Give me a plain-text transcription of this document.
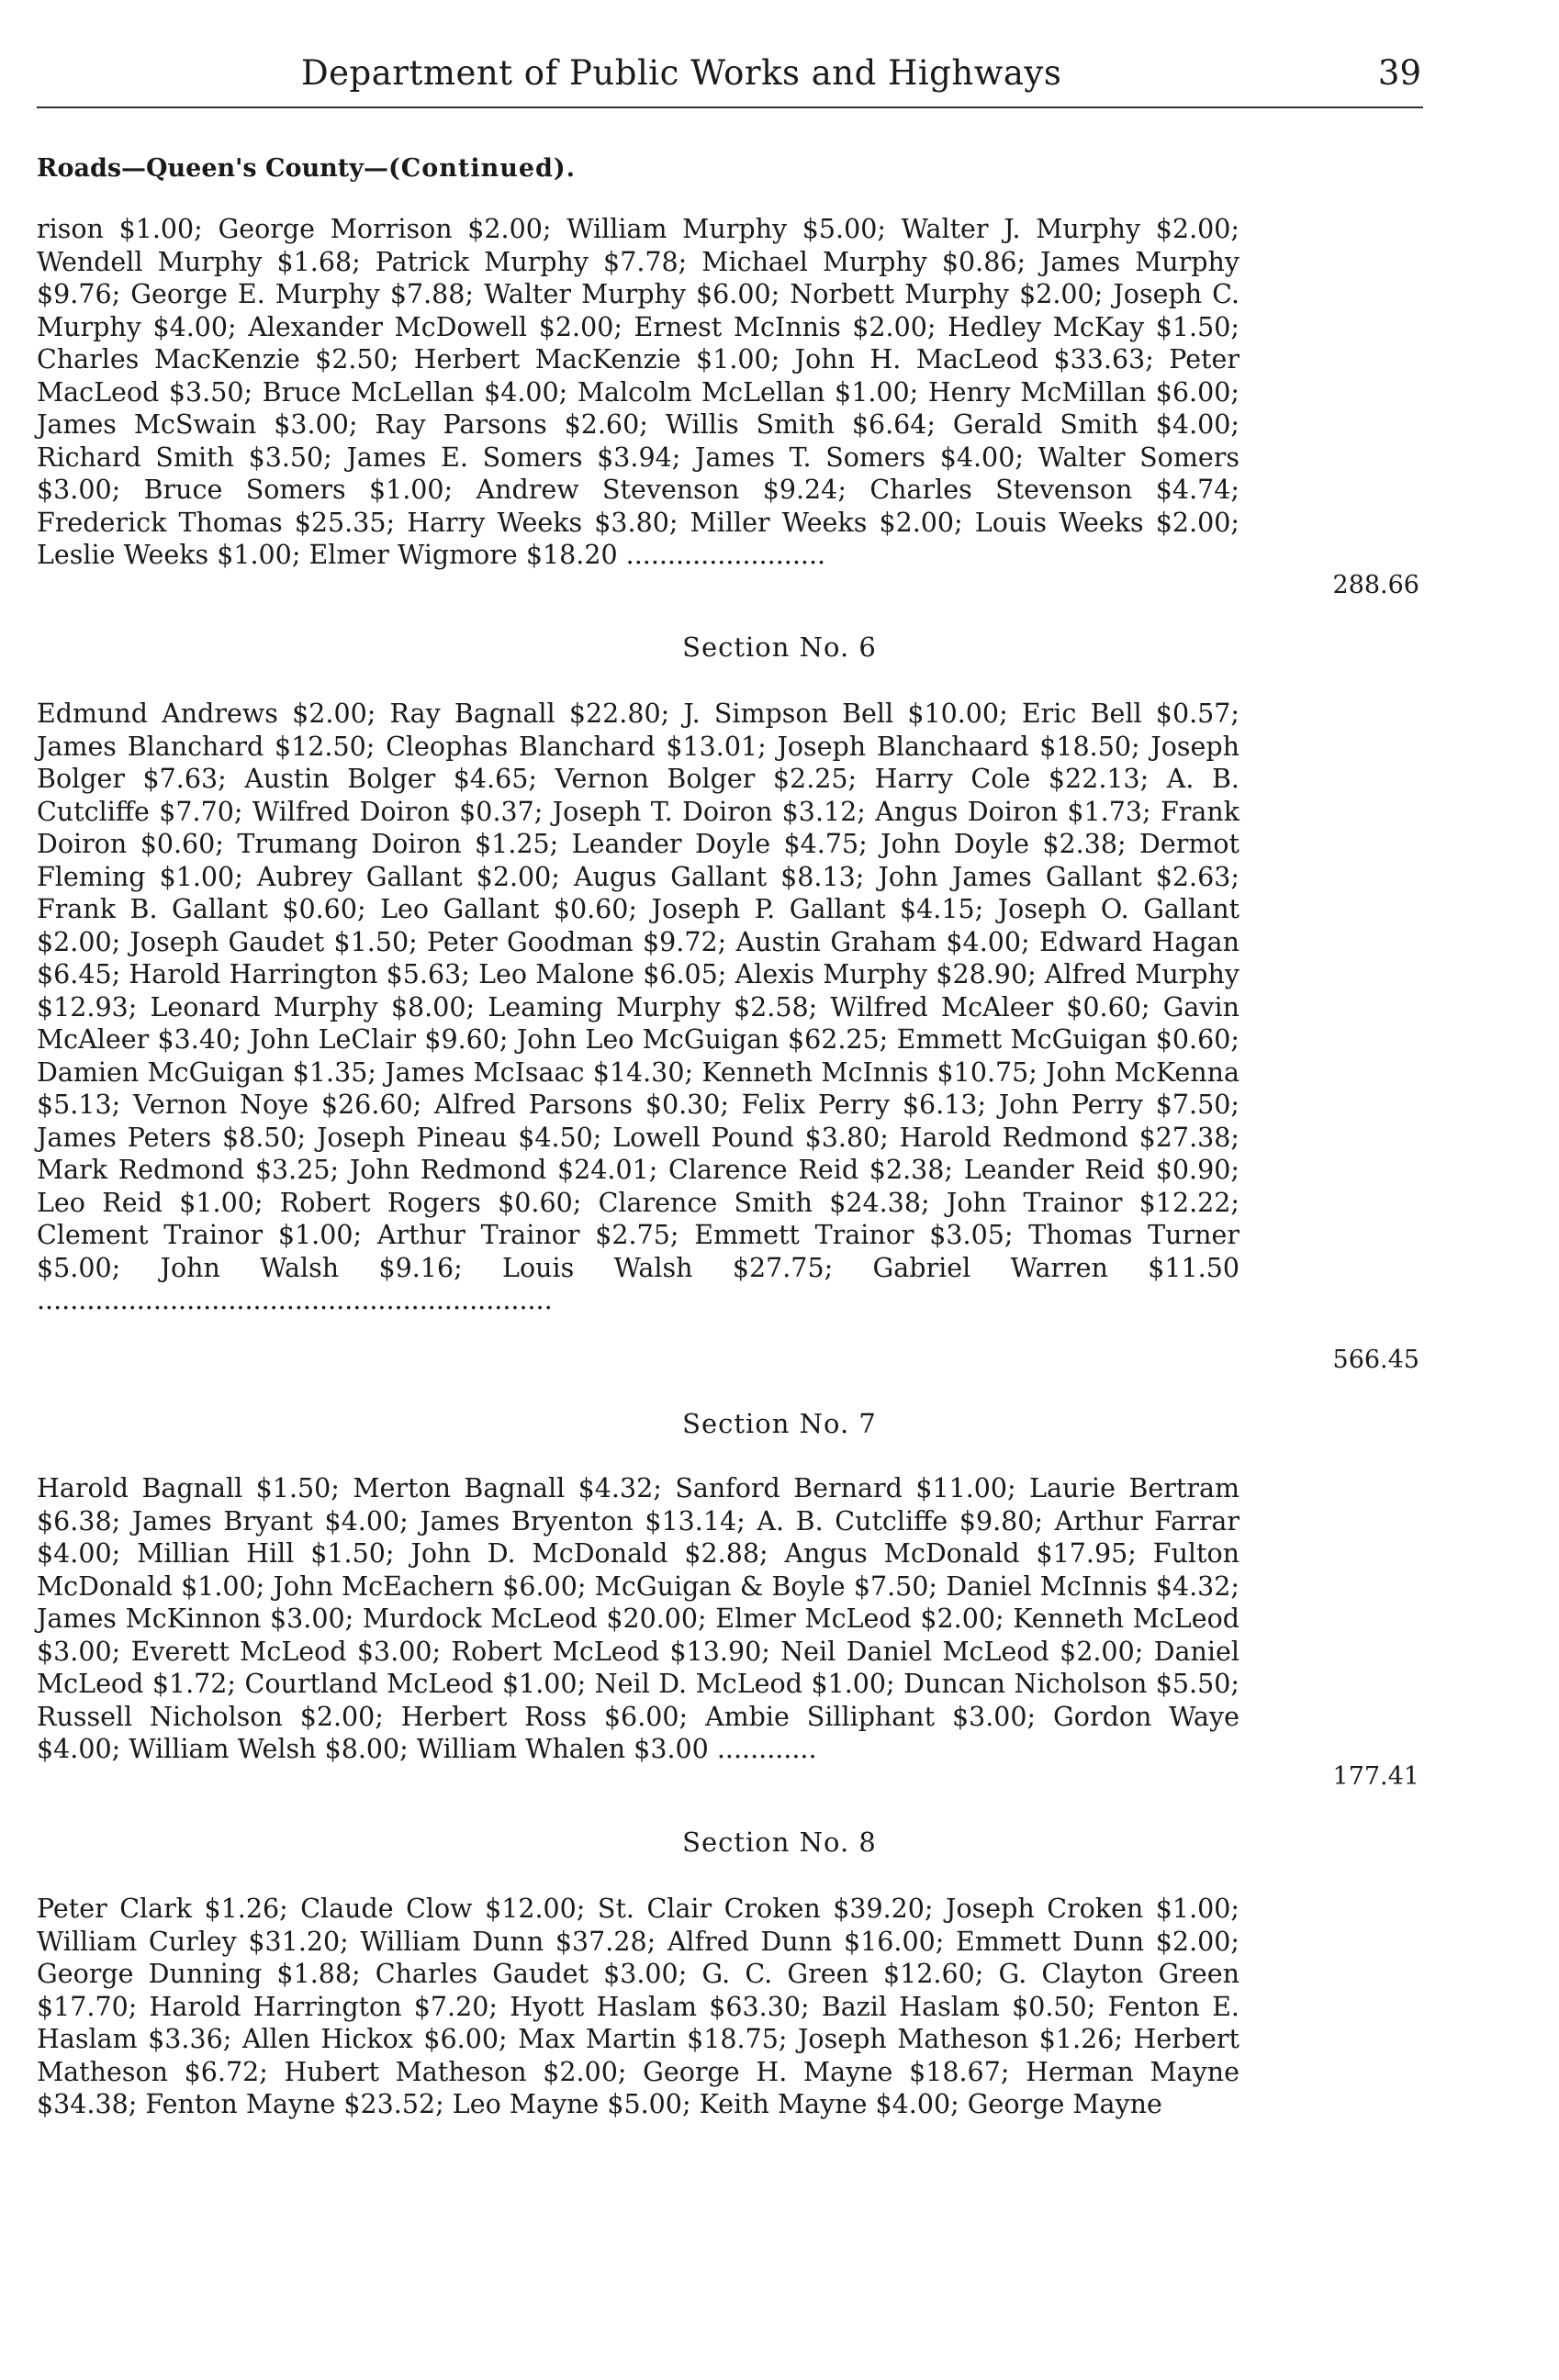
Department of Public Works and Highways	39
Roads—Queen's County—(Continued).
rison $1.00; George Morrison $2.00; William Murphy $5.00; Walter J. Murphy $2.00; Wendell Murphy $1.68; Patrick Murphy $7.78; Michael Murphy $0.86; James Murphy $9.76; George E. Murphy $7.88; Walter Murphy $6.00; Norbett Murphy $2.00; Joseph C. Murphy $4.00; Alexander McDowell $2.00; Ernest McInnis $2.00; Hedley McKay $1.50; Charles MacKenzie $2.50; Herbert MacKenzie $1.00; John H. MacLeod $33.63; Peter MacLeod $3.50; Bruce McLellan $4.00; Malcolm McLellan $1.00; Henry McMillan $6.00; James McSwain $3.00; Ray Parsons $2.60; Willis Smith $6.64; Gerald Smith $4.00; Richard Smith $3.50; James E. Somers $3.94; James T. Somers $4.00; Walter Somers $3.00; Bruce Somers $1.00; Andrew Stevenson $9.24; Charles Stevenson $4.74; Frederick Thomas $25.35; Harry Weeks $3.80; Miller Weeks $2.00; Louis Weeks $2.00; Leslie Weeks $1.00; Elmer Wigmore $18.20 ........................
288.66
Section No. 6
Edmund Andrews $2.00; Ray Bagnall $22.80; J. Simpson Bell $10.00; Eric Bell $0.57; James Blanchard $12.50; Cleophas Blanchard $13.01; Joseph Blanchaard $18.50; Joseph Bolger $7.63; Austin Bolger $4.65; Vernon Bolger $2.25; Harry Cole $22.13; A. B. Cutcliffe $7.70; Wilfred Doiron $0.37; Joseph T. Doiron $3.12; Angus Doiron $1.73; Frank Doiron $0.60; Trumang Doiron $1.25; Leander Doyle $4.75; John Doyle $2.38; Dermot Fleming $1.00; Aubrey Gallant $2.00; Augus Gallant $8.13; John James Gallant $2.63; Frank B. Gallant $0.60; Leo Gallant $0.60; Joseph P. Gallant $4.15; Joseph O. Gallant $2.00; Joseph Gaudet $1.50; Peter Goodman $9.72; Austin Graham $4.00; Edward Hagan $6.45; Harold Harrington $5.63; Leo Malone $6.05; Alexis Murphy $28.90; Alfred Murphy $12.93; Leonard Murphy $8.00; Leaming Murphy $2.58; Wilfred McAleer $0.60; Gavin McAleer $3.40; John LeClair $9.60; John Leo McGuigan $62.25; Emmett McGuigan $0.60; Damien McGuigan $1.35; James McIsaac $14.30; Kenneth McInnis $10.75; John McKenna $5.13; Vernon Noye $26.60; Alfred Parsons $0.30; Felix Perry $6.13; John Perry $7.50; James Peters $8.50; Joseph Pineau $4.50; Lowell Pound $3.80; Harold Redmond $27.38; Mark Redmond $3.25; John Redmond $24.01; Clarence Reid $2.38; Leander Reid $0.90; Leo Reid $1.00; Robert Rogers $0.60; Clarence Smith $24.38; John Trainor $12.22; Clement Trainor $1.00; Arthur Trainor $2.75; Emmett Trainor $3.05; Thomas Turner $5.00; John Walsh $9.16; Louis Walsh $27.75; Gabriel Warren $11.50 ..............................................................
566.45
Section No. 7
Harold Bagnall $1.50; Merton Bagnall $4.32; Sanford Bernard $11.00; Laurie Bertram $6.38; James Bryant $4.00; James Bryenton $13.14; A. B. Cutcliffe $9.80; Arthur Farrar $4.00; Millian Hill $1.50; John D. McDonald $2.88; Angus McDonald $17.95; Fulton McDonald $1.00; John McEachern $6.00; McGuigan & Boyle $7.50; Daniel McInnis $4.32; James McKinnon $3.00; Murdock McLeod $20.00; Elmer McLeod $2.00; Kenneth McLeod $3.00; Everett McLeod $3.00; Robert McLeod $13.90; Neil Daniel McLeod $2.00; Daniel McLeod $1.72; Courtland McLeod $1.00; Neil D. McLeod $1.00; Duncan Nicholson $5.50; Russell Nicholson $2.00; Herbert Ross $6.00; Ambie Silliphant $3.00; Gordon Waye $4.00; William Welsh $8.00; William Whalen $3.00 ............
177.41
Section No. 8
Peter Clark $1.26; Claude Clow $12.00; St. Clair Croken $39.20; Joseph Croken $1.00; William Curley $31.20; William Dunn $37.28; Alfred Dunn $16.00; Emmett Dunn $2.00; George Dunning $1.88; Charles Gaudet $3.00; G. C. Green $12.60; G. Clayton Green $17.70; Harold Harrington $7.20; Hyott Haslam $63.30; Bazil Haslam $0.50; Fenton E. Haslam $3.36; Allen Hickox $6.00; Max Martin $18.75; Joseph Matheson $1.26; Herbert Matheson $6.72; Hubert Matheson $2.00; George H. Mayne $18.67; Herman Mayne $34.38; Fenton Mayne $23.52; Leo Mayne $5.00; Keith Mayne $4.00; George Mayne
